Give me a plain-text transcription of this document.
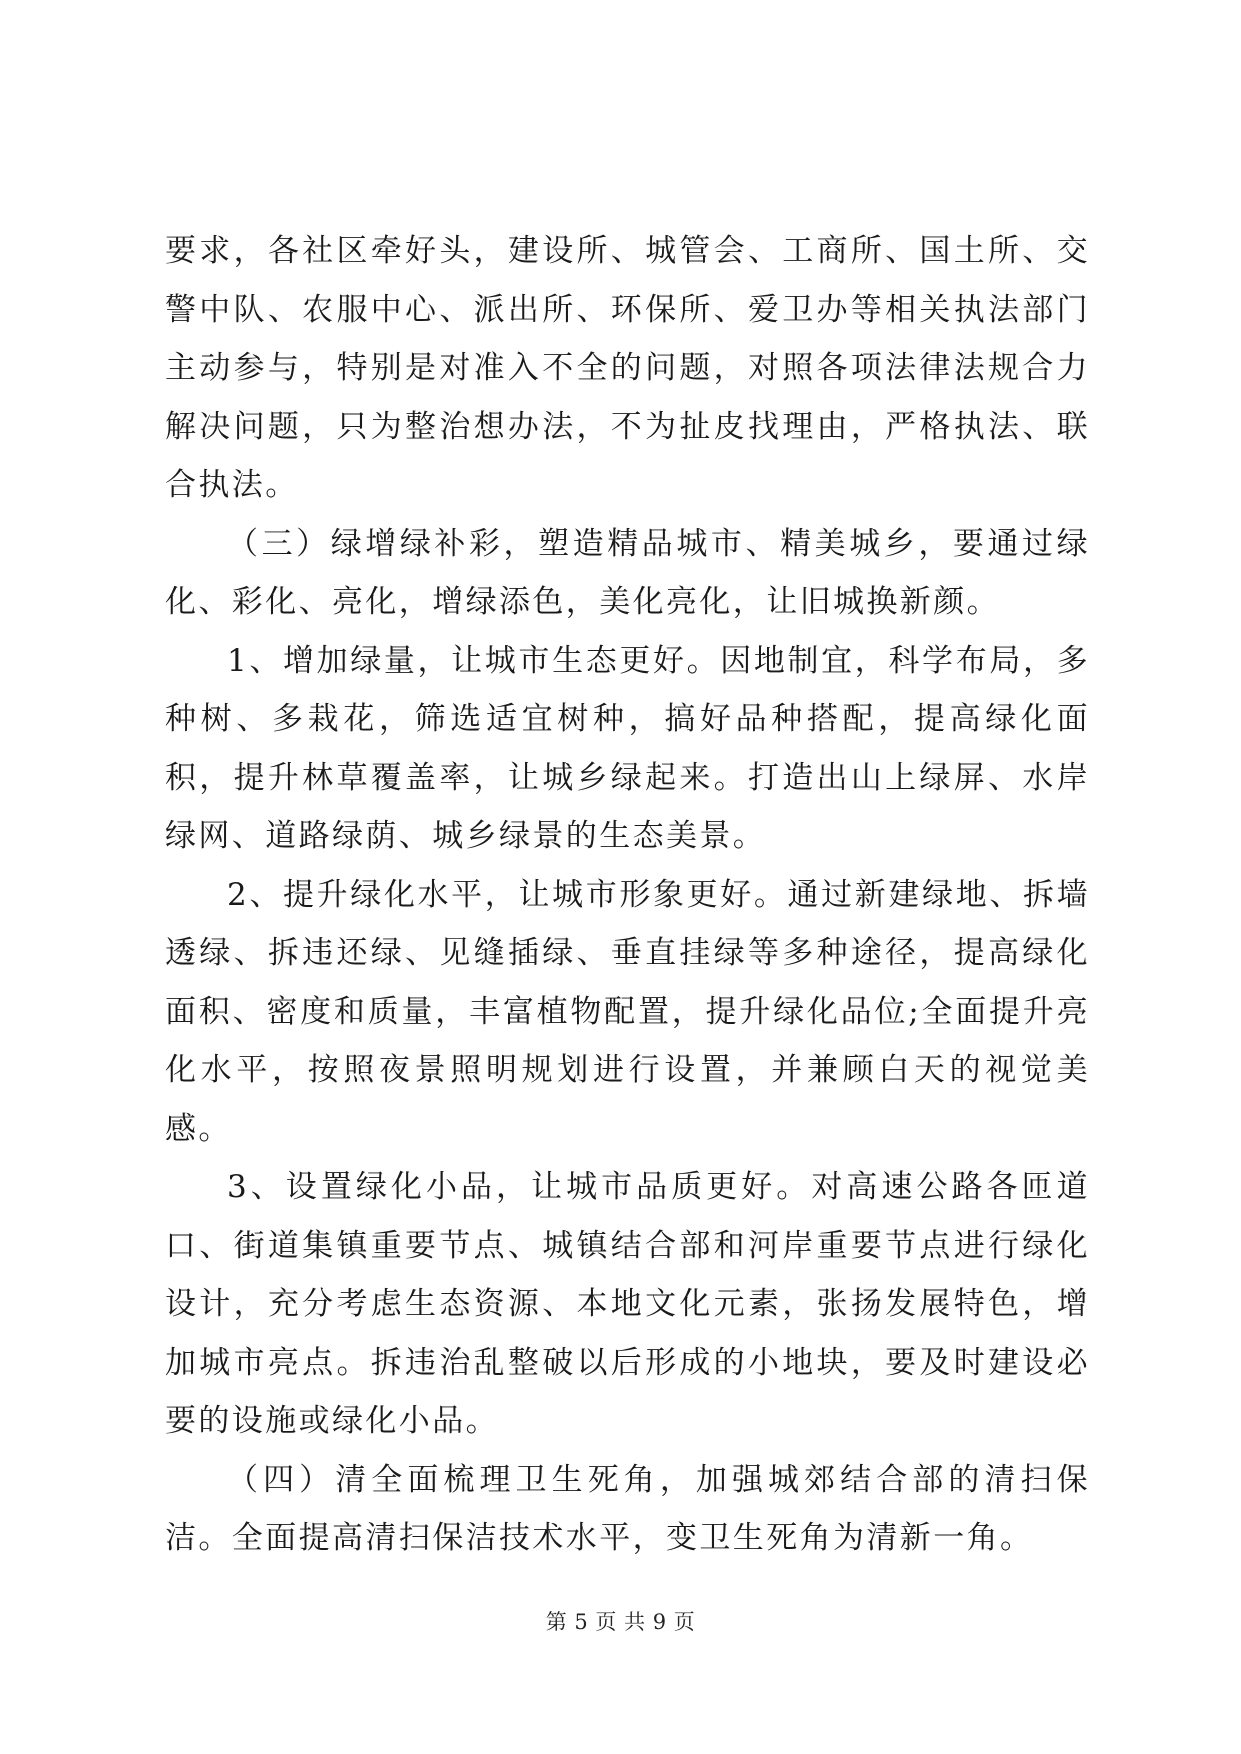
要求，各社区牵好头，建设所、城管会、工商所、国土所、交警中队、农服中心、派出所、环保所、爱卫办等相关执法部门主动参与，特别是对准入不全的问题，对照各项法律法规合力解决问题，只为整治想办法，不为扯皮找理由，严格执法、联合执法。

（三）绿增绿补彩，塑造精品城市、精美城乡，要通过绿化、彩化、亮化，增绿添色，美化亮化，让旧城换新颜。

1、增加绿量，让城市生态更好。因地制宜，科学布局，多种树、多栽花，筛选适宜树种，搞好品种搭配，提高绿化面积，提升林草覆盖率，让城乡绿起来。打造出山上绿屏、水岸绿网、道路绿荫、城乡绿景的生态美景。

2、提升绿化水平，让城市形象更好。通过新建绿地、拆墙透绿、拆违还绿、见缝插绿、垂直挂绿等多种途径，提高绿化面积、密度和质量，丰富植物配置，提升绿化品位;全面提升亮化水平，按照夜景照明规划进行设置，并兼顾白天的视觉美感。

3、设置绿化小品，让城市品质更好。对高速公路各匝道口、街道集镇重要节点、城镇结合部和河岸重要节点进行绿化设计，充分考虑生态资源、本地文化元素，张扬发展特色，增加城市亮点。拆违治乱整破以后形成的小地块，要及时建设必要的设施或绿化小品。

（四）清全面梳理卫生死角，加强城郊结合部的清扫保洁。全面提高清扫保洁技术水平，变卫生死角为清新一角。

第 5 页 共 9 页
